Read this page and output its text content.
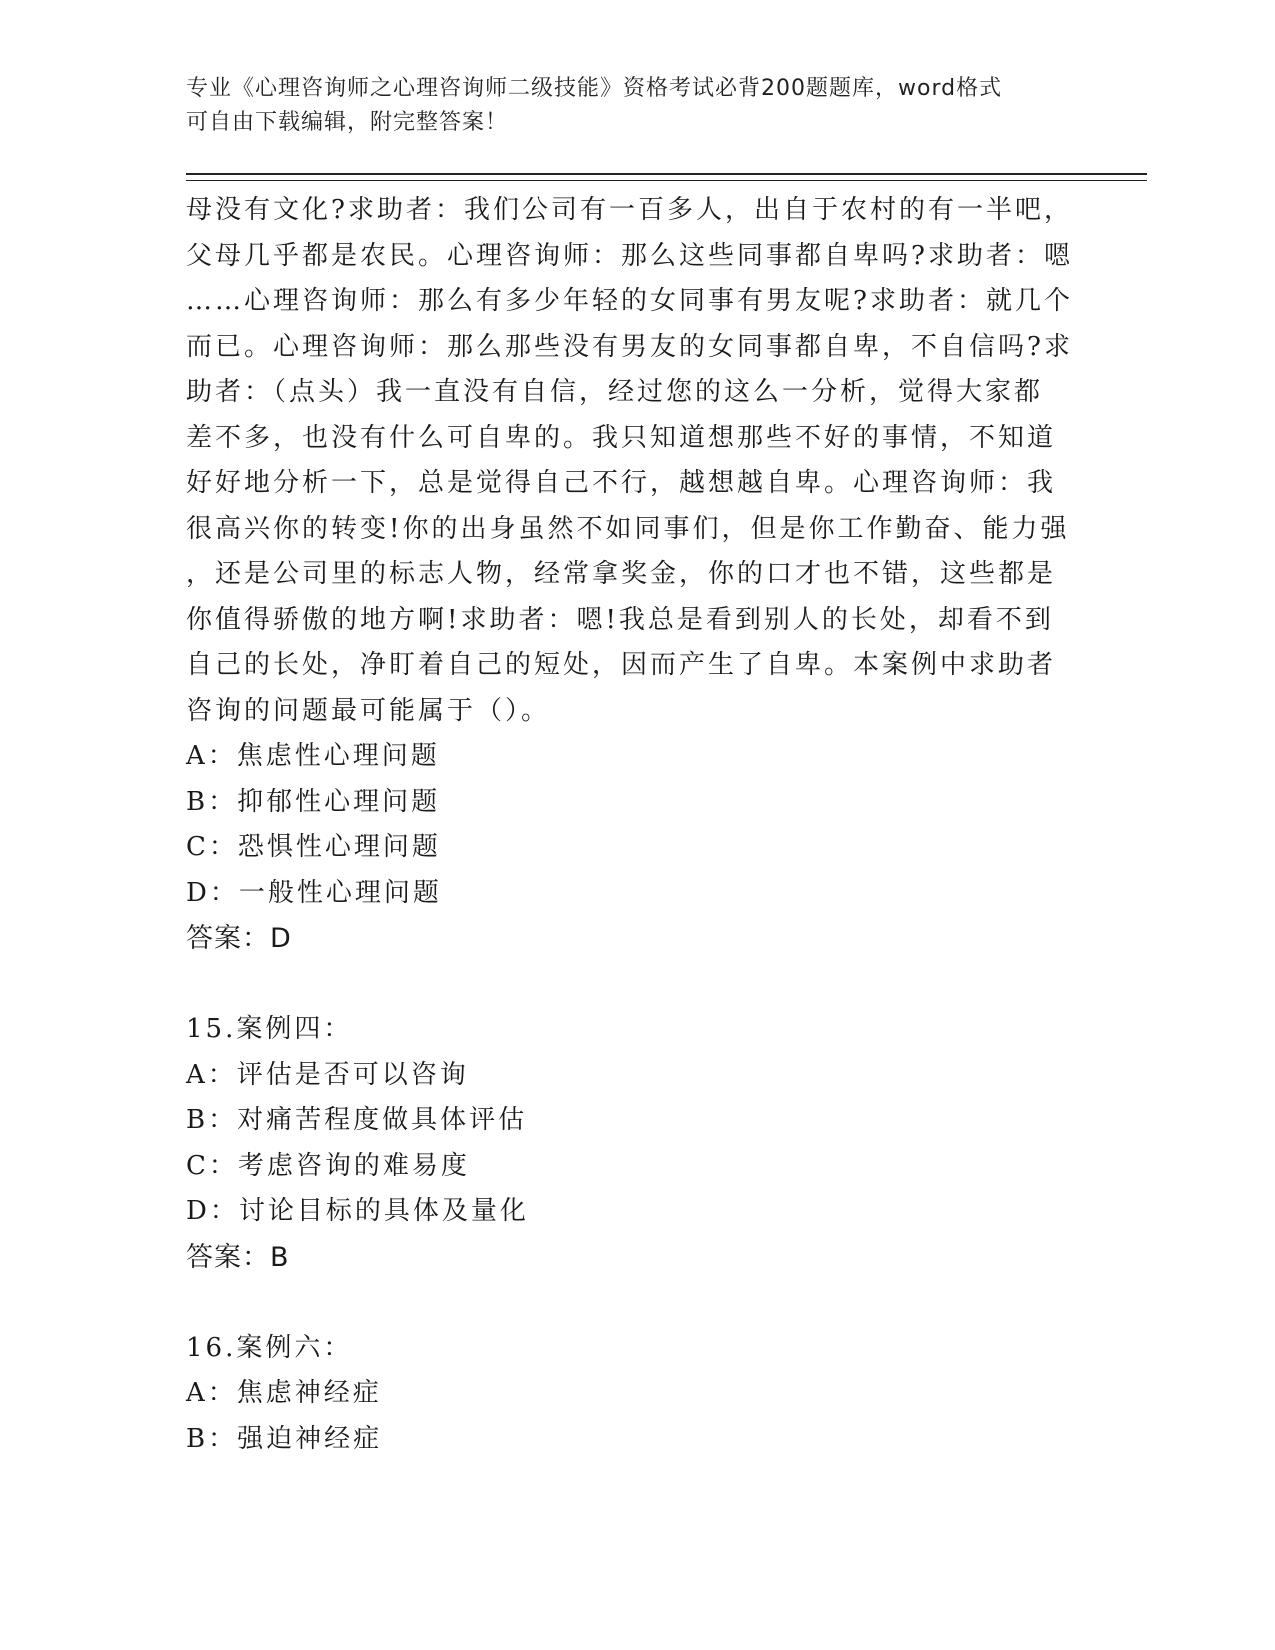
专业《心理咨询师之心理咨询师二级技能》资格考试必背200题题库，word格式
可自由下载编辑，附完整答案！
母没有文化?求助者：我们公司有一百多人，出自于农村的有一半吧，
父母几乎都是农民。心理咨询师：那么这些同事都自卑吗?求助者：嗯
……心理咨询师：那么有多少年轻的女同事有男友呢?求助者：就几个
而已。心理咨询师：那么那些没有男友的女同事都自卑，不自信吗?求
助者：（点头）我一直没有自信，经过您的这么一分析，觉得大家都
差不多，也没有什么可自卑的。我只知道想那些不好的事情，不知道
好好地分析一下，总是觉得自己不行，越想越自卑。心理咨询师：我
很高兴你的转变!你的出身虽然不如同事们，但是你工作勤奋、能力强
，还是公司里的标志人物，经常拿奖金，你的口才也不错，这些都是
你值得骄傲的地方啊!求助者：嗯!我总是看到别人的长处，却看不到
自己的长处，净盯着自己的短处，因而产生了自卑。本案例中求助者
咨询的问题最可能属于（）。
A：焦虑性心理问题
B：抑郁性心理问题
C：恐惧性心理问题
D：一般性心理问题
答案：D
15.案例四：
A：评估是否可以咨询
B：对痛苦程度做具体评估
C：考虑咨询的难易度
D：讨论目标的具体及量化
答案：B
16.案例六：
A：焦虑神经症
B：强迫神经症
